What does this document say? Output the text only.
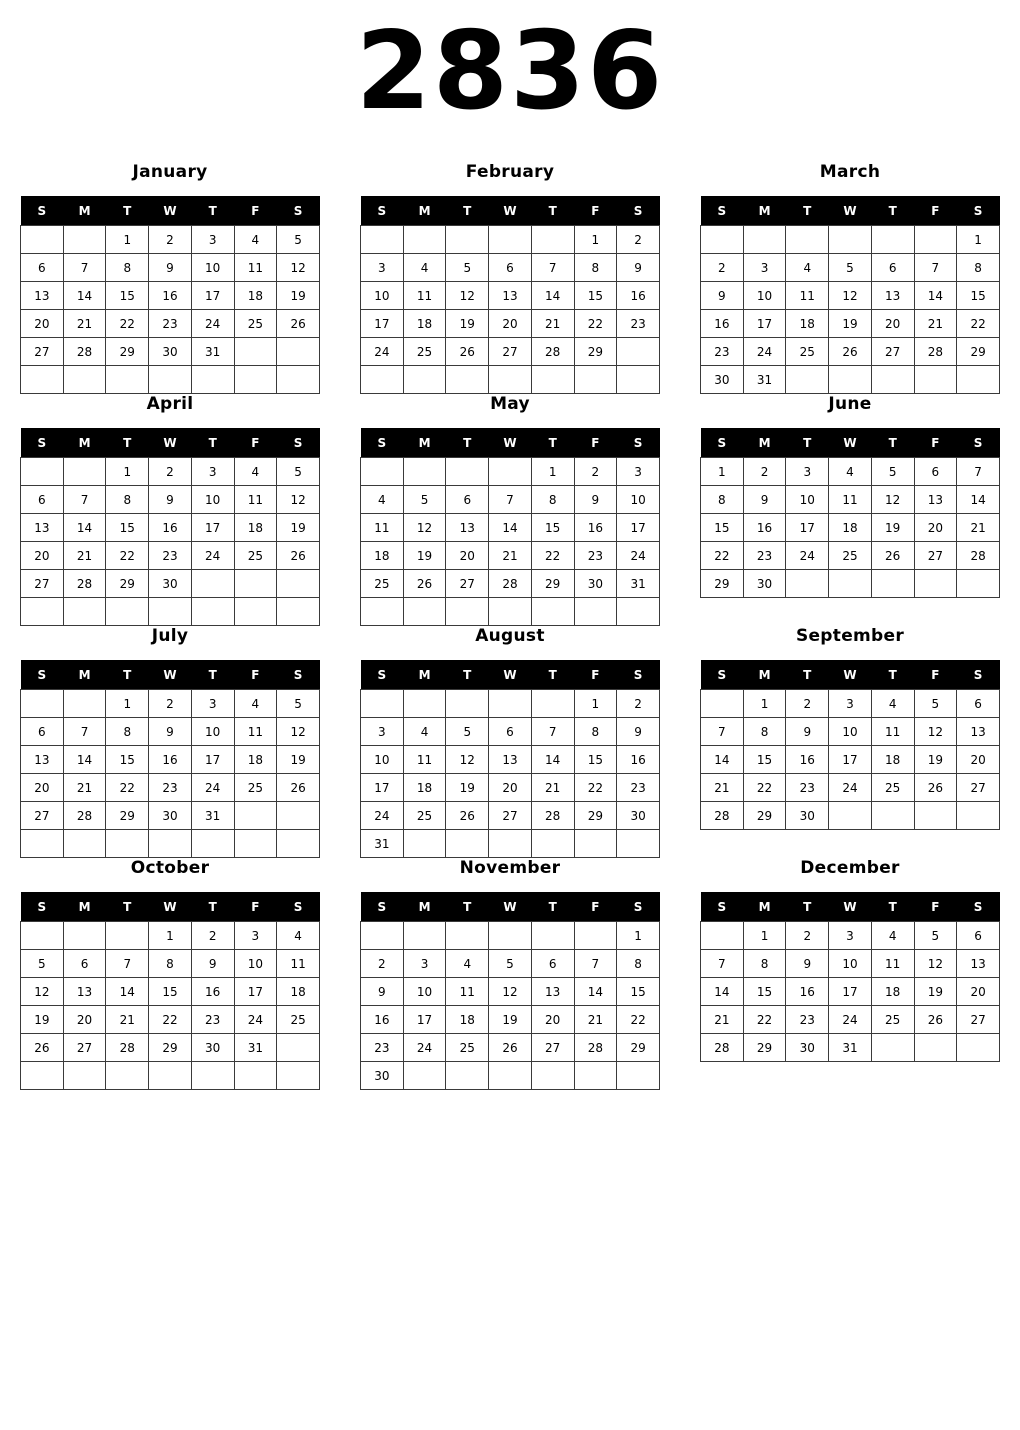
2836
January
S	M	T	W	T	F	S
		1	2	3	4	5
6	7	8	9	10	11	12
13	14	15	16	17	18	19
20	21	22	23	24	25	26
27	28	29	30	31		

February
S	M	T	W	T	F	S
					1	2
3	4	5	6	7	8	9
10	11	12	13	14	15	16
17	18	19	20	21	22	23
24	25	26	27	28	29	

March
S	M	T	W	T	F	S
						1
2	3	4	5	6	7	8
9	10	11	12	13	14	15
16	17	18	19	20	21	22
23	24	25	26	27	28	29
30	31					
April
S	M	T	W	T	F	S
		1	2	3	4	5
6	7	8	9	10	11	12
13	14	15	16	17	18	19
20	21	22	23	24	25	26
27	28	29	30			

May
S	M	T	W	T	F	S
				1	2	3
4	5	6	7	8	9	10
11	12	13	14	15	16	17
18	19	20	21	22	23	24
25	26	27	28	29	30	31

June
S	M	T	W	T	F	S
1	2	3	4	5	6	7
8	9	10	11	12	13	14
15	16	17	18	19	20	21
22	23	24	25	26	27	28
29	30					
July
S	M	T	W	T	F	S
		1	2	3	4	5
6	7	8	9	10	11	12
13	14	15	16	17	18	19
20	21	22	23	24	25	26
27	28	29	30	31		

August
S	M	T	W	T	F	S
					1	2
3	4	5	6	7	8	9
10	11	12	13	14	15	16
17	18	19	20	21	22	23
24	25	26	27	28	29	30
31						
September
S	M	T	W	T	F	S
	1	2	3	4	5	6
7	8	9	10	11	12	13
14	15	16	17	18	19	20
21	22	23	24	25	26	27
28	29	30				
October
S	M	T	W	T	F	S
			1	2	3	4
5	6	7	8	9	10	11
12	13	14	15	16	17	18
19	20	21	22	23	24	25
26	27	28	29	30	31	

November
S	M	T	W	T	F	S
						1
2	3	4	5	6	7	8
9	10	11	12	13	14	15
16	17	18	19	20	21	22
23	24	25	26	27	28	29
30						
December
S	M	T	W	T	F	S
	1	2	3	4	5	6
7	8	9	10	11	12	13
14	15	16	17	18	19	20
21	22	23	24	25	26	27
28	29	30	31			
